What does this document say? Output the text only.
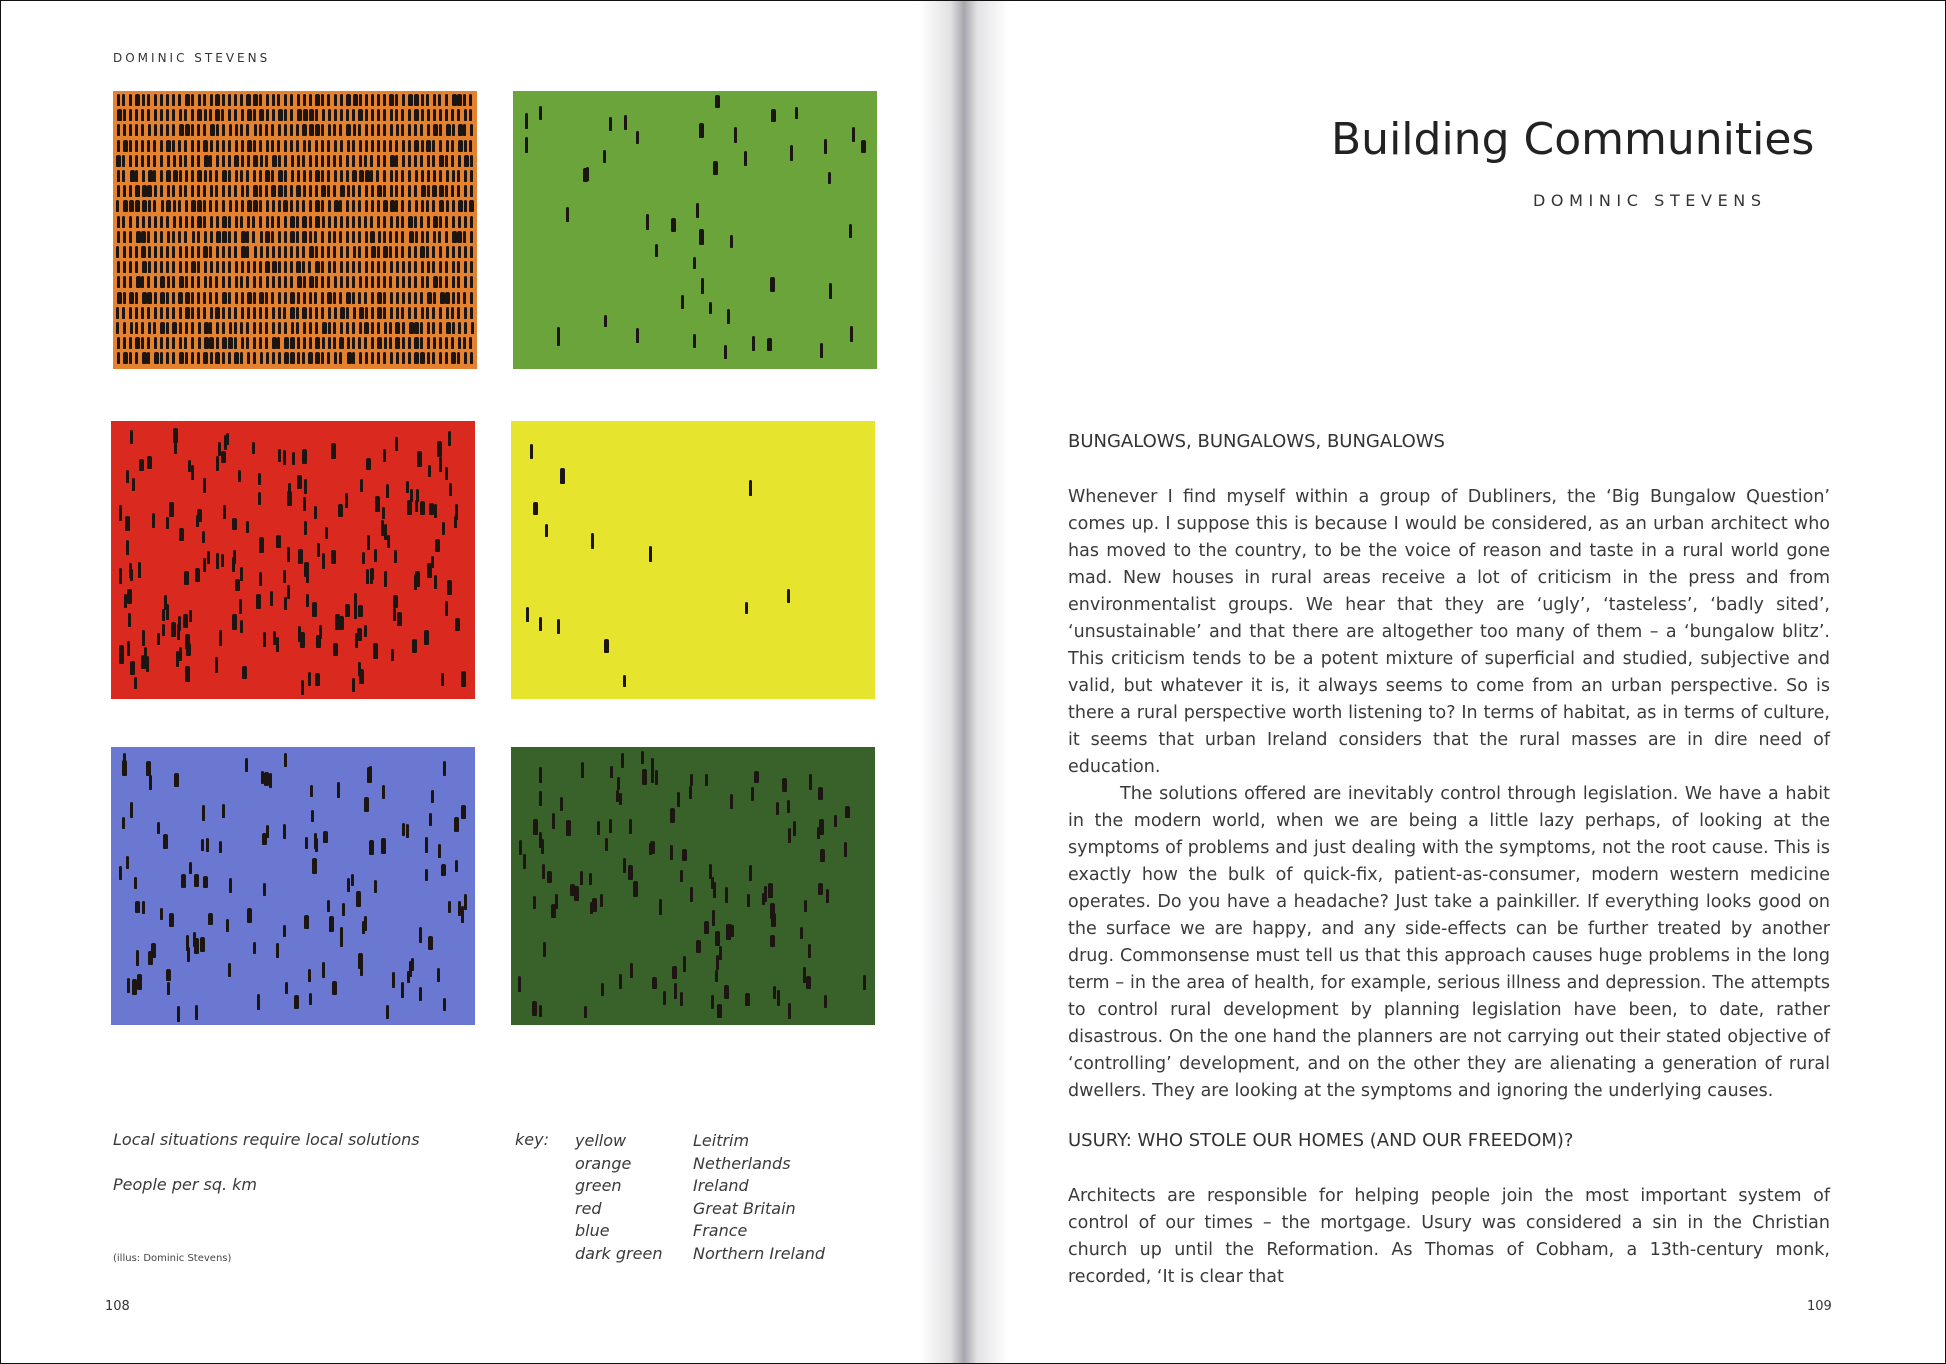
DOMINIC STEVENS
Local situations require local solutions
People per sq. km
(illus: Dominic Stevens)
key: yellow
orange
green
red
blue
dark green
Leitrim
Netherlands
Ireland
Great Britain
France
Northern Ireland
108
Building Communities
DOMINIC STEVENS
BUNGALOWS, BUNGALOWS, BUNGALOWS

Whenever I find myself within a group of Dubliners, the ‘Big Bungalow Question’ comes up. I suppose this is because I would be considered, as an urban architect who has moved to the country, to be the voice of reason and taste in a rural world gone mad. New houses in rural areas receive a lot of criticism in the press and from environmentalist groups. We hear that they are ‘ugly’, ‘tasteless’, ‘badly sited’, ‘unsustainable’ and that there are altogether too many of them – a ‘bungalow blitz’. This criticism tends to be a potent mixture of superficial and studied, subjective and valid, but whatever it is, it always seems to come from an urban perspective. So is there a rural perspective worth listening to? In terms of habitat, as in terms of culture, it seems that urban Ireland considers that the rural masses are in dire need of education.

The solutions offered are inevitably control through legislation. We have a habit in the modern world, when we are being a little lazy perhaps, of looking at the symptoms of problems and just dealing with the symptoms, not the root cause. This is exactly how the bulk of quick-fix, patient-as-consumer, modern western medicine operates. Do you have a headache? Just take a painkiller. If everything looks good on the surface we are happy, and any side-effects can be further treated by another drug. Commonsense must tell us that this approach causes huge problems in the long term – in the area of health, for example, serious illness and depression. The attempts to control rural development by planning legislation have been, to date, rather disastrous. On the one hand the planners are not carrying out their stated objective of ‘controlling’ development, and on the other they are alienating a generation of rural dwellers. They are looking at the symptoms and ignoring the underlying causes.

USURY: WHO STOLE OUR HOMES (AND OUR FREEDOM)?

Architects are responsible for helping people join the most important system of control of our times – the mortgage. Usury was considered a sin in the Christian church up until the Reformation. As Thomas of Cobham, a 13th-century monk, recorded, ‘It is clear that

109
